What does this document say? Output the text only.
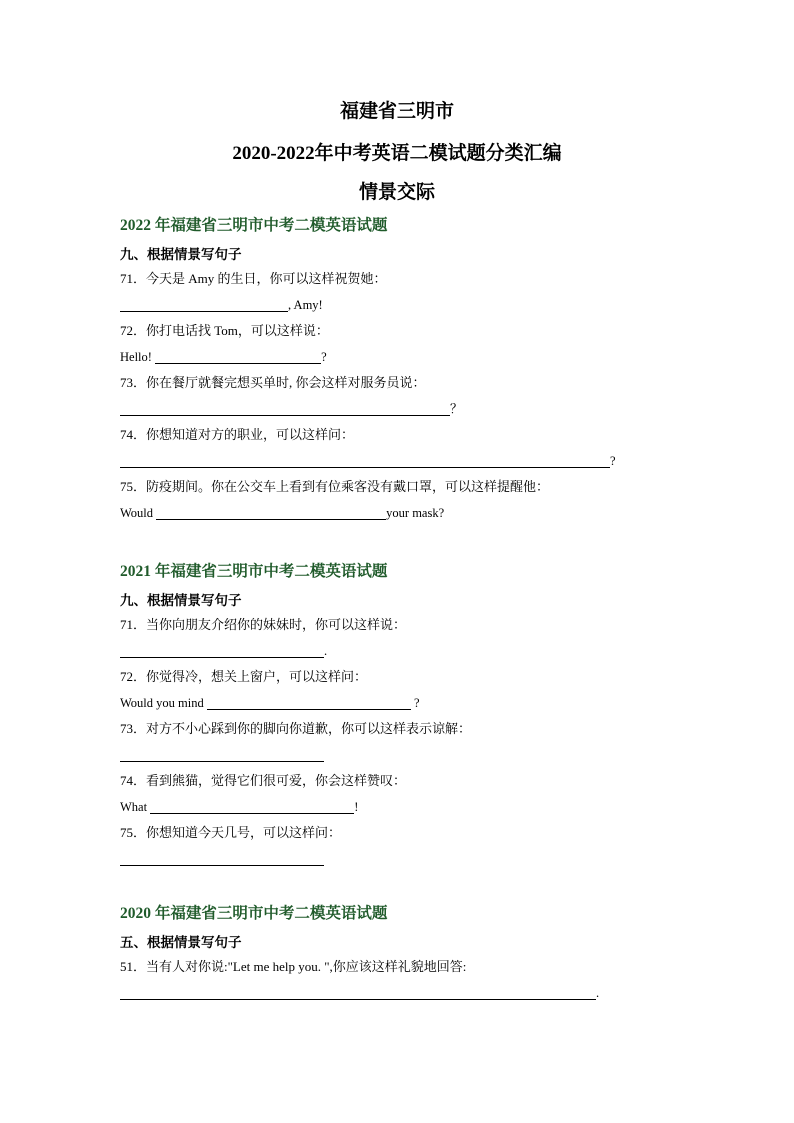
福建省三明市
2020-2022年中考英语二模试题分类汇编
情景交际
2022 年福建省三明市中考二模英语试题
九、根据情景写句子
71．今天是 Amy 的生日，你可以这样祝贺她：
, Amy!
72．你打电话找 Tom，可以这样说：
Hello!	?
73．你在餐厅就餐完想买单时, 你会这样对服务员说：
？
74．你想知道对方的职业，可以这样问：
?
75．防疫期间。你在公交车上看到有位乘客没有戴口罩，可以这样提醒他：
Would	your mask?
2021 年福建省三明市中考二模英语试题
九、根据情景写句子
71．当你向朋友介绍你的妹妹时，你可以这样说：
.
72．你觉得冷，想关上窗户，可以这样问：
Would you mind	?
73．对方不小心踩到你的脚向你道歉，你可以这样表示谅解：
74．看到熊猫，觉得它们很可爱，你会这样赞叹：
What	!
75．你想知道今天几号，可以这样问：
2020 年福建省三明市中考二模英语试题
五、根据情景写句子
51．当有人对你说:"Let me help you. ",你应该这样礼貌地回答:
.
